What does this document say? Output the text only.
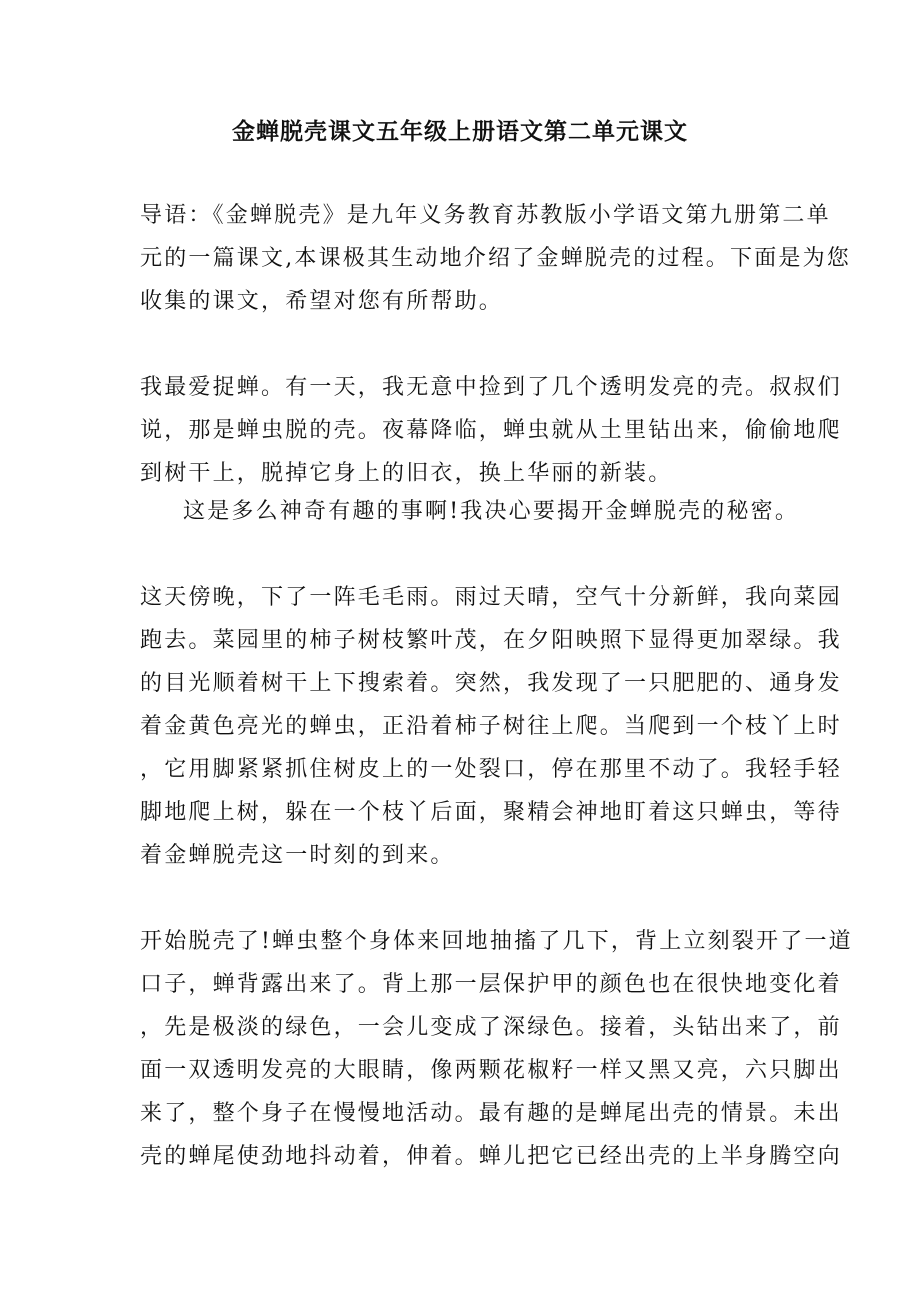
金蝉脱壳课文五年级上册语文第二单元课文
导语：《金蝉脱壳》是九年义务教育苏教版小学语文第九册第二单
元的一篇课文,本课极其生动地介绍了金蝉脱壳的过程。下面是为您
收集的课文，希望对您有所帮助。
我最爱捉蝉。有一天，我无意中捡到了几个透明发亮的壳。叔叔们
说，那是蝉虫脱的壳。夜幕降临，蝉虫就从土里钻出来，偷偷地爬
到树干上，脱掉它身上的旧衣，换上华丽的新装。
这是多么神奇有趣的事啊!我决心要揭开金蝉脱壳的秘密。
这天傍晚，下了一阵毛毛雨。雨过天晴，空气十分新鲜，我向菜园
跑去。菜园里的柿子树枝繁叶茂，在夕阳映照下显得更加翠绿。我
的目光顺着树干上下搜索着。突然，我发现了一只肥肥的、通身发
着金黄色亮光的蝉虫，正沿着柿子树往上爬。当爬到一个枝丫上时
，它用脚紧紧抓住树皮上的一处裂口，停在那里不动了。我轻手轻
脚地爬上树，躲在一个枝丫后面，聚精会神地盯着这只蝉虫，等待
着金蝉脱壳这一时刻的到来。
开始脱壳了!蝉虫整个身体来回地抽搐了几下，背上立刻裂开了一道
口子，蝉背露出来了。背上那一层保护甲的颜色也在很快地变化着
，先是极淡的绿色，一会儿变成了深绿色。接着，头钻出来了，前
面一双透明发亮的大眼睛，像两颗花椒籽一样又黑又亮，六只脚出
来了，整个身子在慢慢地活动。最有趣的是蝉尾出壳的情景。未出
壳的蝉尾使劲地抖动着，伸着。蝉儿把它已经出壳的上半身腾空向
